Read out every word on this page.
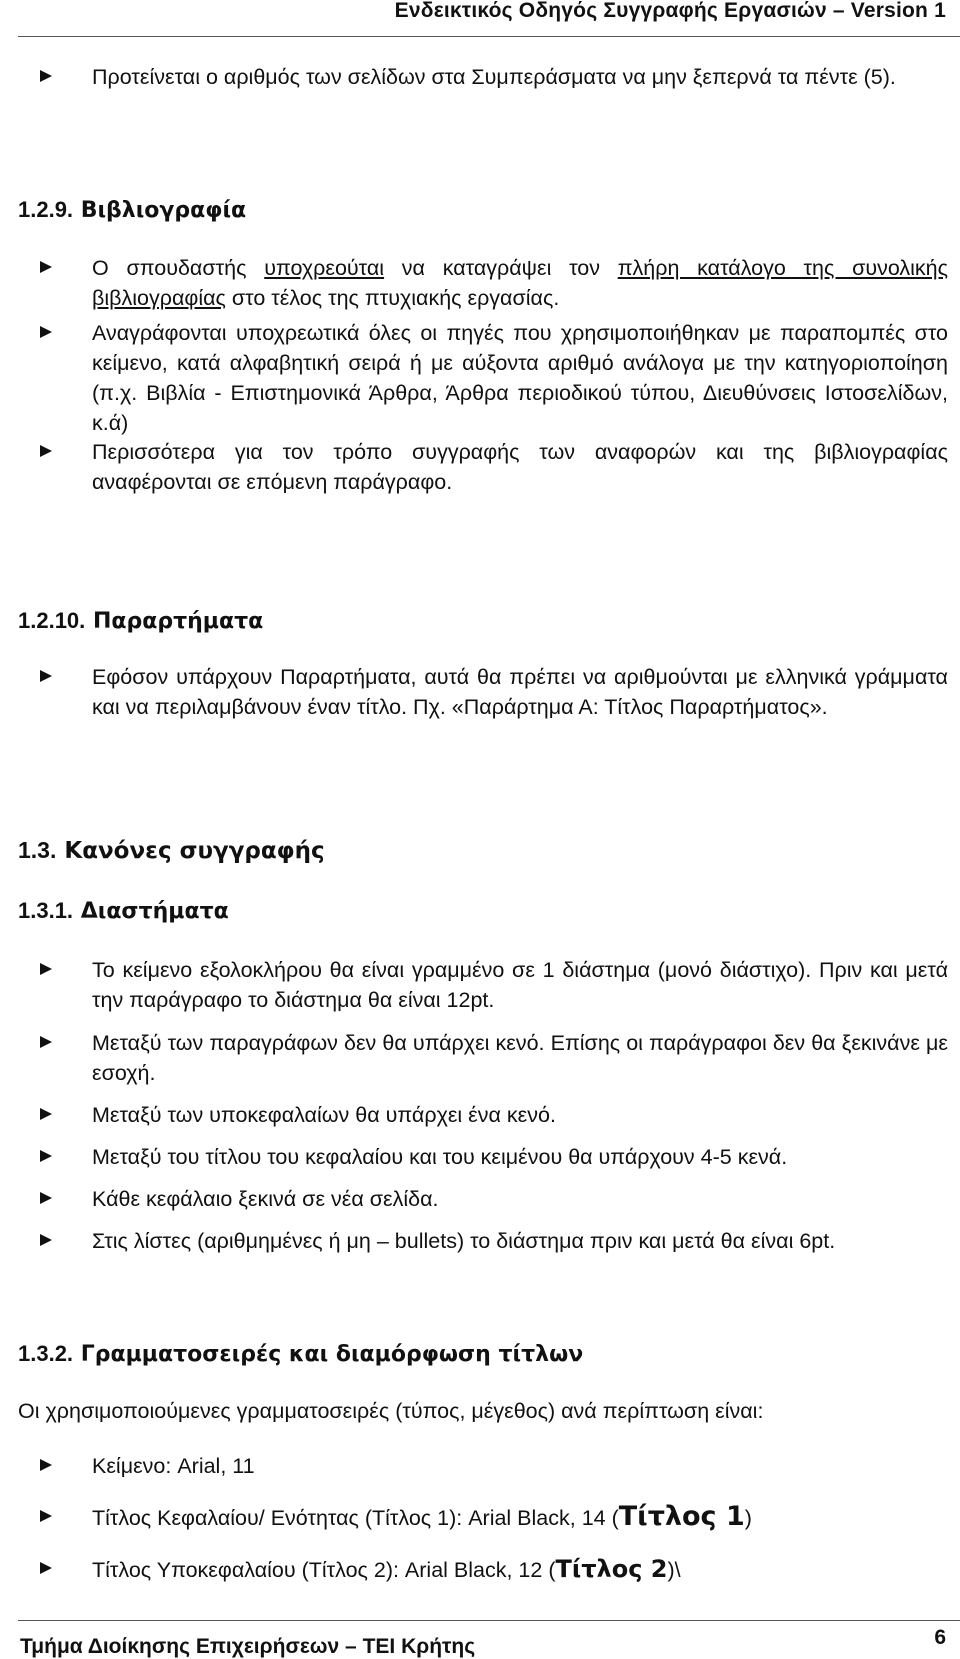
Ενδεικτικός Οδηγός Συγγραφής Εργασιών – Version 1
Προτείνεται ο αριθμός των σελίδων στα Συμπεράσματα να μην ξεπερνά τα πέντε (5).
1.2.9. Βιβλιογραφία
Ο σπουδαστής υποχρεούται να καταγράψει τον πλήρη κατάλογο της συνολικής βιβλιογραφίας στο τέλος της πτυχιακής εργασίας.
Αναγράφονται υποχρεωτικά όλες οι πηγές που χρησιμοποιήθηκαν με παραπομπές στο κείμενο, κατά αλφαβητική σειρά ή με αύξοντα αριθμό ανάλογα με την κατηγοριοποίηση (π.χ. Βιβλία - Επιστημονικά Άρθρα, Άρθρα περιοδικού τύπου, Διευθύνσεις Ιστοσελίδων, κ.ά)
Περισσότερα για τον τρόπο συγγραφής των αναφορών και της βιβλιογραφίας αναφέρονται σε επόμενη παράγραφο.
1.2.10. Παραρτήματα
Εφόσον υπάρχουν Παραρτήματα, αυτά θα πρέπει να αριθμούνται με ελληνικά γράμματα και να περιλαμβάνουν έναν τίτλο. Πχ. «Παράρτημα Α: Τίτλος Παραρτήματος».
1.3. Κανόνες συγγραφής
1.3.1. Διαστήματα
Το κείμενο εξολοκλήρου θα είναι γραμμένο σε 1 διάστημα (μονό διάστιχο). Πριν και μετά την παράγραφο το διάστημα θα είναι 12pt.
Μεταξύ των παραγράφων δεν θα υπάρχει κενό. Επίσης οι παράγραφοι δεν θα ξεκινάνε με εσοχή.
Μεταξύ των υποκεφαλαίων θα υπάρχει ένα κενό.
Μεταξύ του τίτλου του κεφαλαίου και του κειμένου θα υπάρχουν 4-5 κενά.
Κάθε κεφάλαιο ξεκινά σε νέα σελίδα.
Στις λίστες (αριθμημένες ή μη – bullets) το διάστημα πριν και μετά θα είναι 6pt.
1.3.2. Γραμματοσειρές και διαμόρφωση τίτλων
Οι χρησιμοποιούμενες γραμματοσειρές (τύπος, μέγεθος) ανά περίπτωση είναι:
Κείμενο: Arial, 11
Τίτλος Κεφαλαίου/ Ενότητας (Τίτλος 1): Arial Black, 14 (Τίτλος 1)
Τίτλος Υποκεφαλαίου (Τίτλος 2): Arial Black, 12 (Τίτλος 2)\
Τμήμα Διοίκησης Επιχειρήσεων – ΤΕΙ Κρήτης	6
